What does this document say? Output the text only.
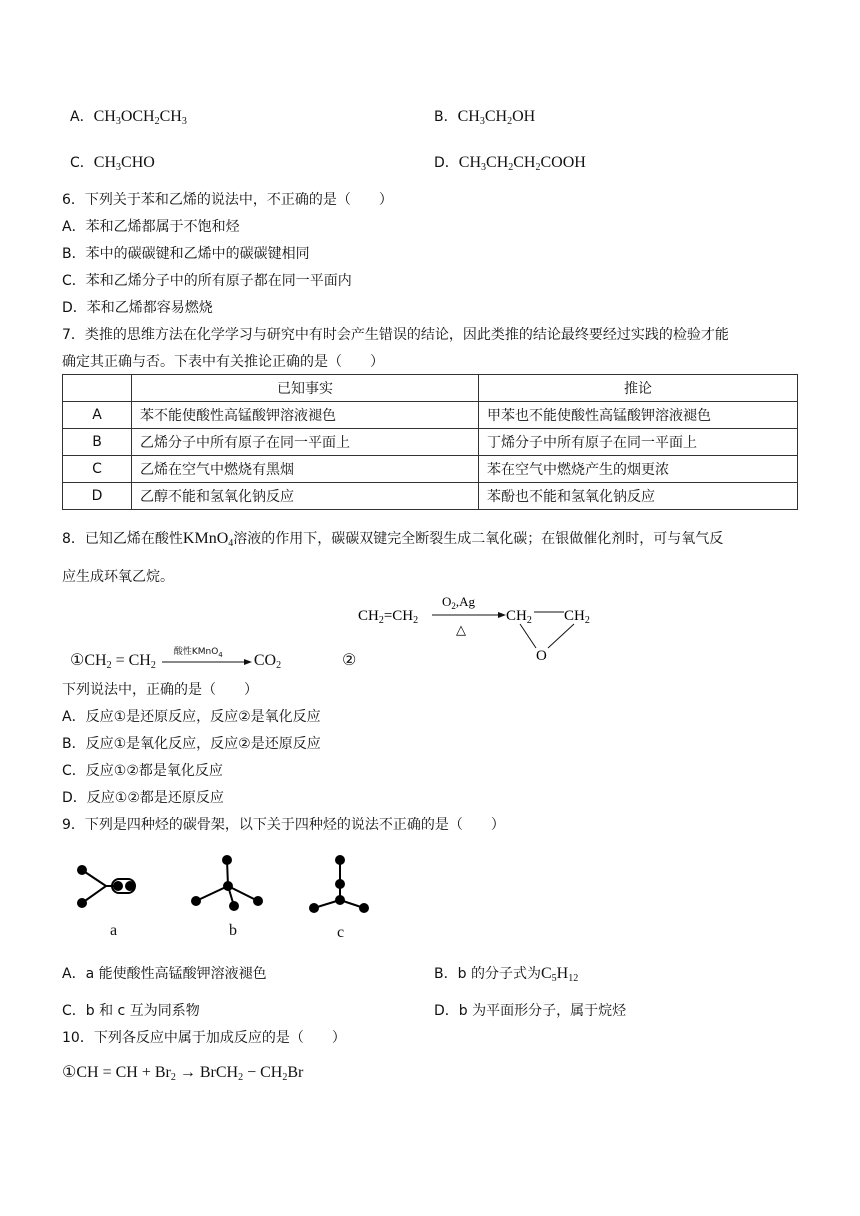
A．$CH_3OCH_2CH_3$	B．$CH_3CH_2OH$
C．$CH_3CHO$	D．$CH_3CH_2CH_2COOH$
6．下列关于苯和乙烯的说法中，不正确的是（　　）
A．苯和乙烯都属于不饱和烃
B．苯中的碳碳键和乙烯中的碳碳键相同
C．苯和乙烯分子中的所有原子都在同一平面内
D．苯和乙烯都容易燃烧
7．类推的思维方法在化学学习与研究中有时会产生错误的结论，因此类推的结论最终要经过实践的检验才能
确定其正确与否。下表中有关推论正确的是（　　）
	已知事实	推论
A	苯不能使酸性高锰酸钾溶液褪色	甲苯也不能使酸性高锰酸钾溶液褪色
B	乙烯分子中所有原子在同一平面上	丁烯分子中所有原子在同一平面上
C	乙烯在空气中燃烧有黑烟	苯在空气中燃烧产生的烟更浓
D	乙醇不能和氢氧化钠反应	苯酚也不能和氢氧化钠反应
8．已知乙烯在酸性KMnO$_4$溶液的作用下，碳碳双键完全断裂生成二氧化碳；在银做催化剂时，可与氧气反
应生成环氧乙烷。
$①CH_2 = CH_2$
酸性KMnO$_4$ $CO_2$	②
$CH_2=CH_2$
$O_2,Ag$
△
$CH_2$ $CH_2$
O
下列说法中，正确的是（　　）
A．反应①是还原反应，反应②是氧化反应
B．反应①是氧化反应，反应②是还原反应
C．反应①②都是氧化反应
D．反应①②都是还原反应
9．下列是四种烃的碳骨架，以下关于四种烃的说法不正确的是（　　）
a	b	c
A．a 能使酸性高锰酸钾溶液褪色	B．b 的分子式为$C_5H_{12}$
C．b 和 c 互为同系物	D．b 为平面形分子，属于烷烃
10．下列各反应中属于加成反应的是（　　）
①CH = CH + $Br_2$ → BrCH$_2$ − $CH_2Br$
